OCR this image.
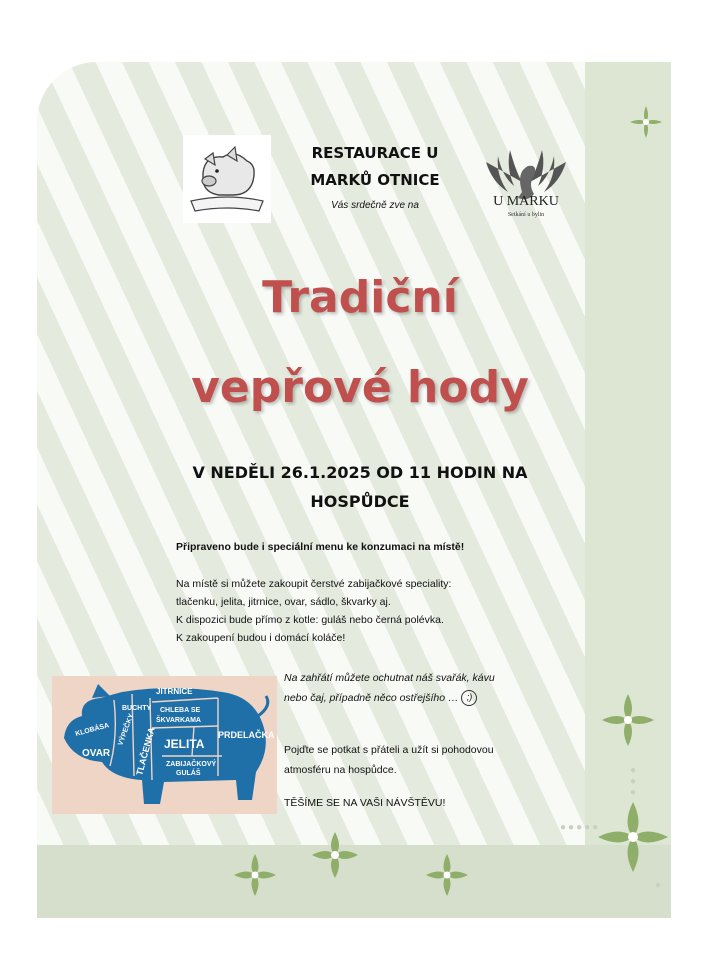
●●●●●
●
●
●
●
RESTAURACE U
MARKŮ OTNICE
Vás srdečně zve na	U MARKU
Setkání u bylin
Tradiční
vepřové hody
V NEDĚLI 26.1.2025 OD 11 HODIN NA
HOSPŮDCE
Připraveno bude i speciální menu ke konzumaci na místě!
Na místě si můžete zakoupit čerstvé zabijačkové speciality:
tlačenku, jelita, jitrnice, ovar, sádlo, škvarky aj.
K dispozici bude přímo z kotle: guláš nebo černá polévka.
K zakoupení budou i domácí koláče!
Na zahřátí můžete ochutnat náš svařák, kávu
nebo čaj, případně něco ostřejšího … ;)
Pojďte se potkat s přáteli a užít si pohodovou
atmosféru na hospůdce.
TĚŠÍME SE NA VAŠI NÁVŠTĚVU!
JITRNICE
KLOBÁSA
BUCHTY CHLEBA SE
ŠKVARKAMA
OVAR
VÝPEČKY JELITA
PRDELAČKA
TLAČENKA ZABIJAČKOVÝ
GULÁŠ
